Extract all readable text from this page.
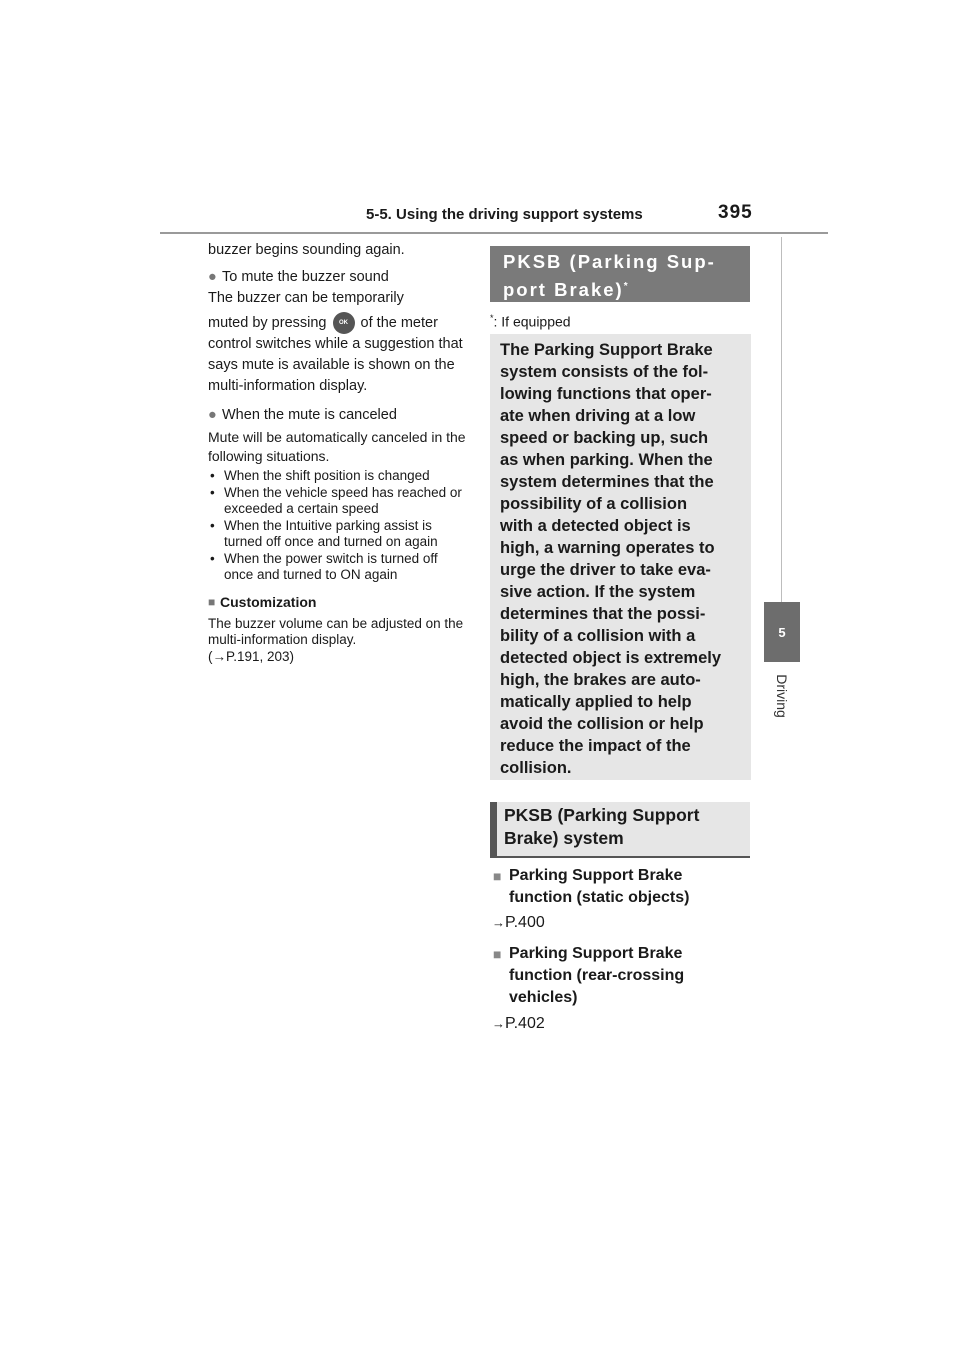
5-5. Using the driving support systems	395
5
Driving

buzzer begins sounding again.

● To mute the buzzer sound

The buzzer can be temporarily

muted by pressing OK of the meter

control switches while a suggestion that says mute is available is shown on the multi-information display.

● When the mute is canceled

Mute will be automatically canceled in the following situations.

• When the shift position is changed
• When the vehicle speed has reached or exceeded a certain speed
• When the Intuitive parking assist is turned off once and turned on again
• When the power switch is turned off once and turned to ON again
■ Customization

The buzzer volume can be adjusted on the multi-information display.

(→P.191, 203)

PKSB (Parking Sup-
port Brake)*
*: If equipped
The Parking Support Brake
system consists of the fol-
lowing functions that oper-
ate when driving at a low
speed or backing up, such
as when parking. When the
system determines that the
possibility of a collision
with a detected object is
high, a warning operates to
urge the driver to take eva-
sive action. If the system
determines that the possi-
bility of a collision with a
detected object is extremely
high, the brakes are auto-
matically applied to help
avoid the collision or help
reduce the impact of the
collision.
PKSB (Parking Support
Brake) system
■ Parking Support Brake
function (static objects)
→P.400
■ Parking Support Brake
function (rear-crossing
vehicles)
→P.402
